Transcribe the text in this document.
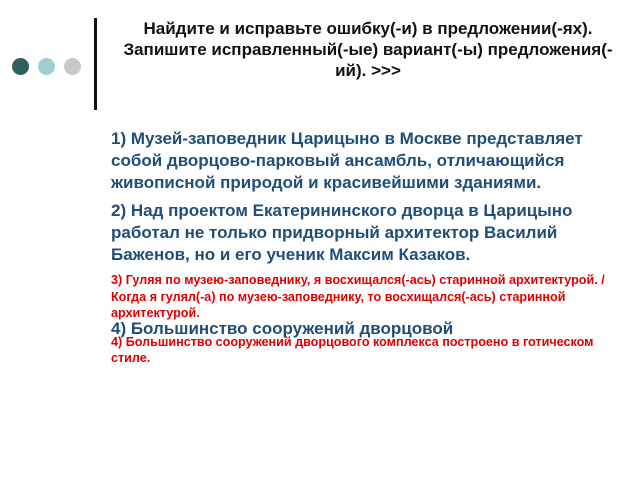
Найдите и исправьте ошибку(-и) в предложении(-ях). Запишите исправленный(-ые) вариант(-ы) предложения(-ий). >>>

1) Музей-заповедник Царицыно в Москве представляет собой дворцово-парковый ансамбль, отличающийся живописной природой и красивейшими зданиями.

2) Над проектом Екатерининского дворца в Царицыно работал не только придворный архитектор Василий Баженов, но и его ученик Максим Казаков.

3) Гуляя по музею-заповеднику, я восхищался(-ась) старинной архитектурой. / Когда я гулял(-а) по музею-заповеднику, то восхищался(-ась) старинной архитектурой.

4) Большинство сооружений дворцовой

4) Большинство сооружений дворцового комплекса построено в готическом стиле.
